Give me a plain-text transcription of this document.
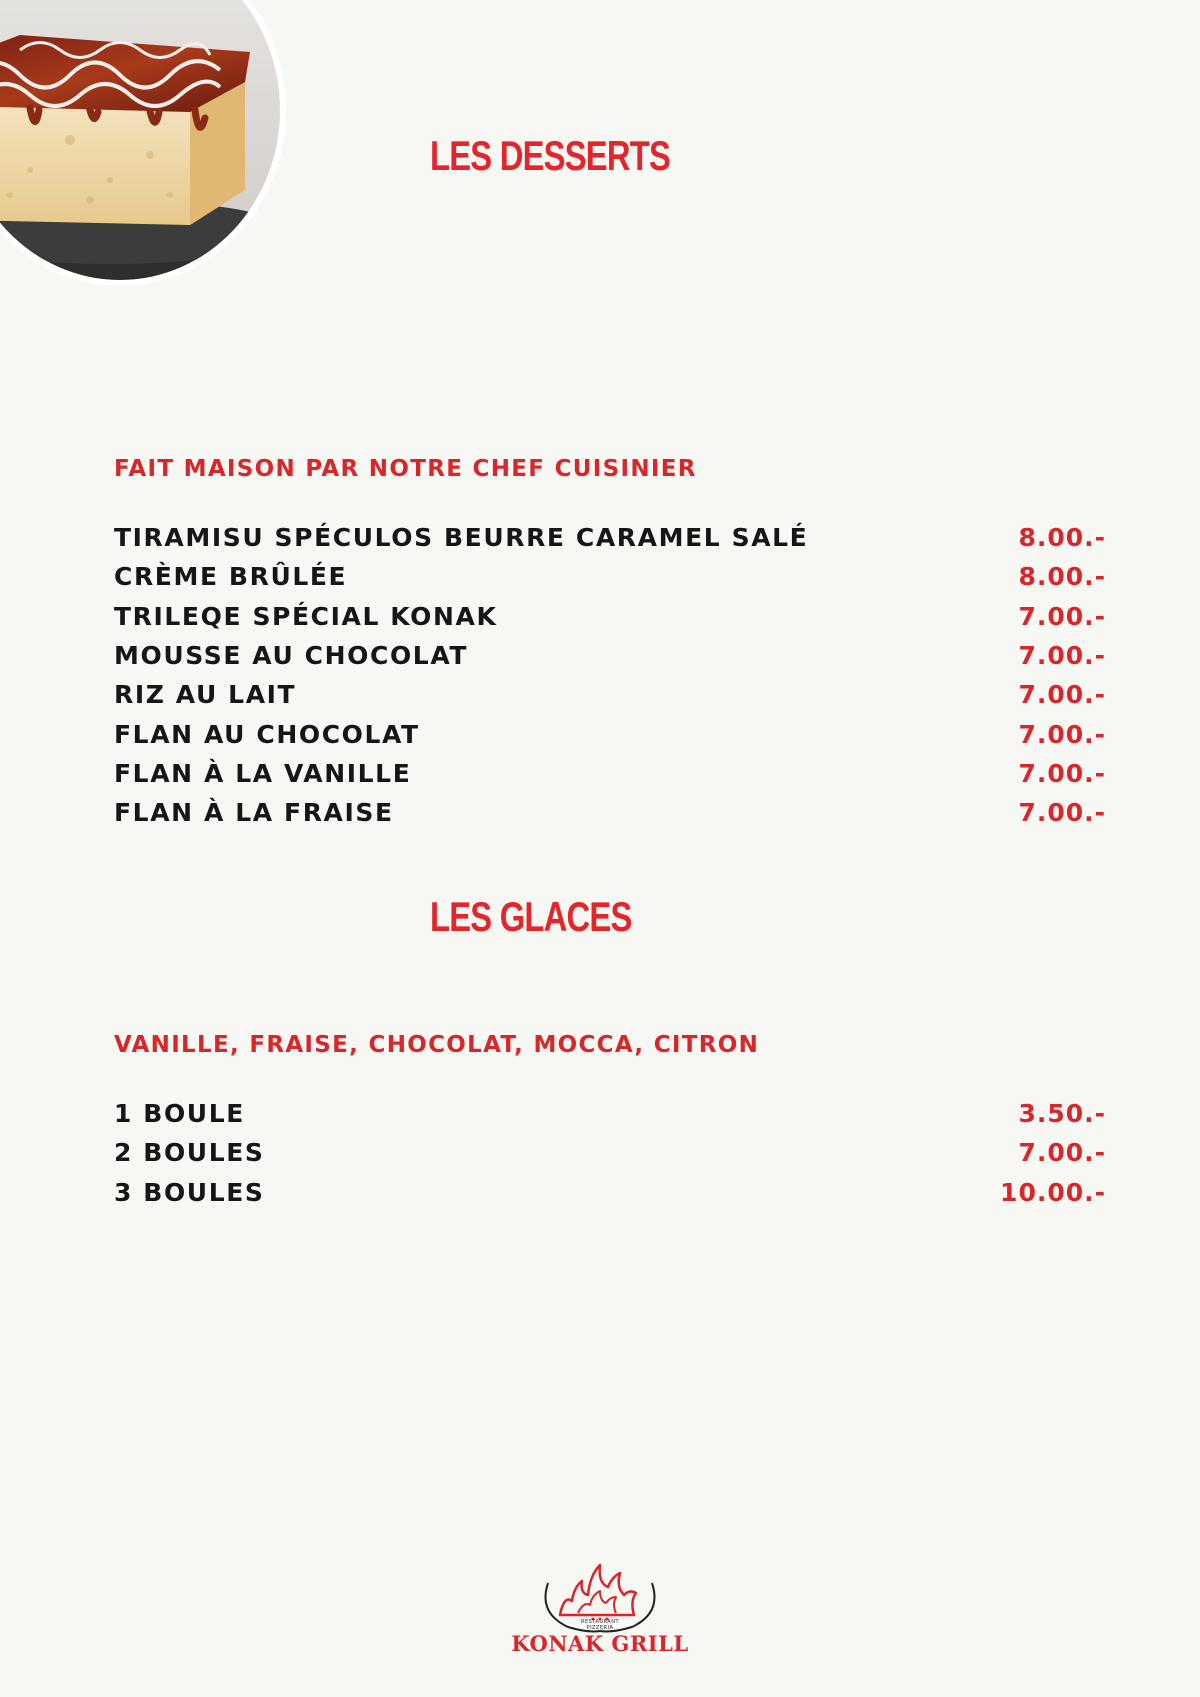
LES DESSERTS

FAIT MAISON PAR NOTRE CHEF CUISINIER

TIRAMISU SPÉCULOS BEURRE CARAMEL SALÉ	8.00.-
CRÈME BRÛLÉE	8.00.-
TRILEQE SPÉCIAL KONAK	7.00.-
MOUSSE AU CHOCOLAT	7.00.-
RIZ AU LAIT	7.00.-
FLAN AU CHOCOLAT	7.00.-
FLAN À LA VANILLE	7.00.-
FLAN À LA FRAISE	7.00.-
LES GLACES

VANILLE, FRAISE, CHOCOLAT, MOCCA, CITRON

1 BOULE	3.50.-
2 BOULES	7.00.-
3 BOULES	10.00.-
RESTAURANT
PIZZERIA
KONAK GRILL
